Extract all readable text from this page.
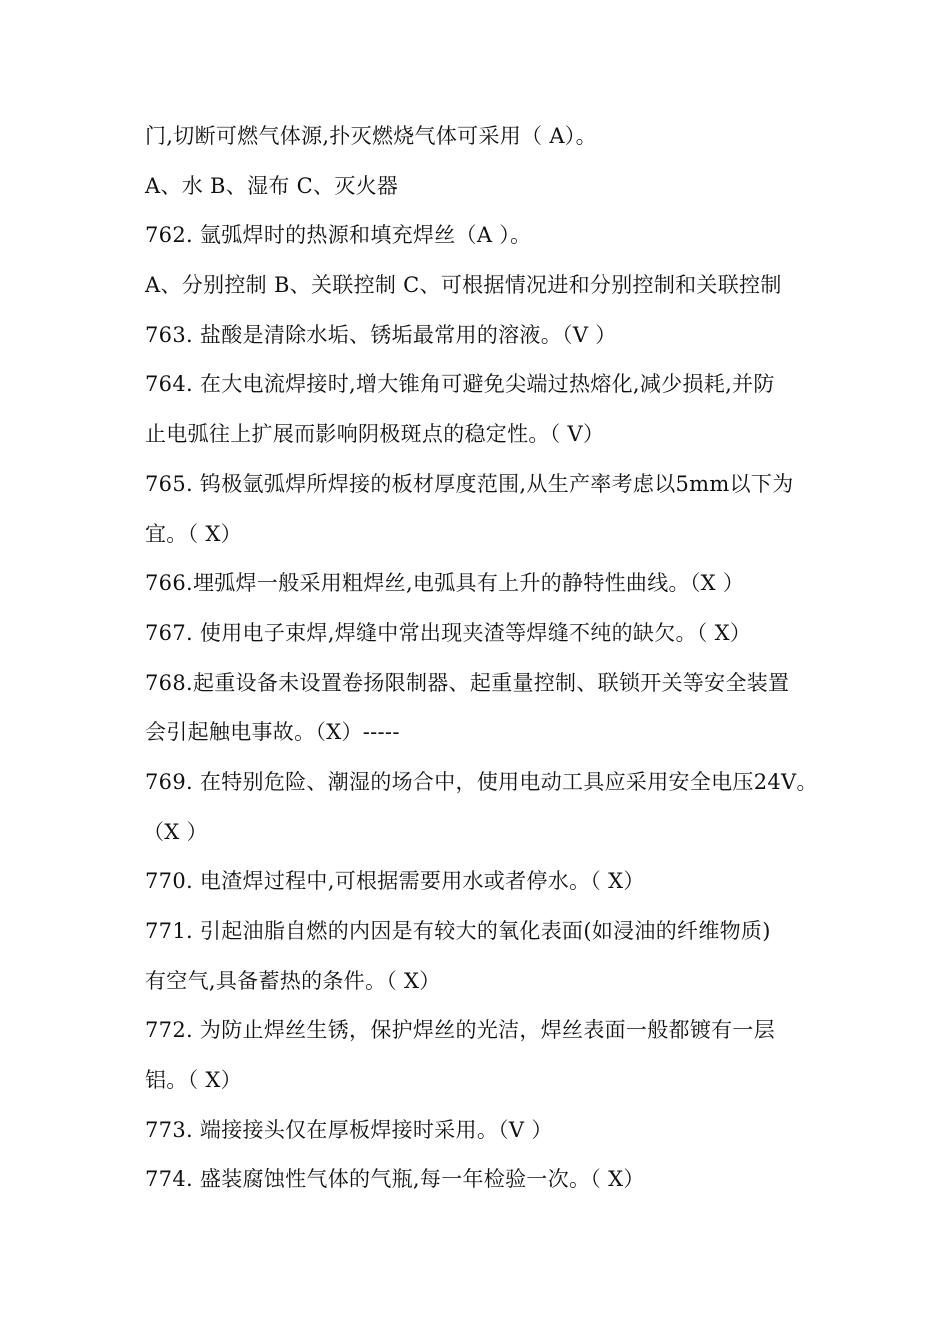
门,切断可燃气体源,扑灭燃烧气体可采用（ A）。
A、水 B、湿布 C、灭火器
762. 氩弧焊时的热源和填充焊丝（A ）。
A、分别控制 B、关联控制 C、可根据情况进和分别控制和关联控制
763. 盐酸是清除水垢、锈垢最常用的溶液。（V ）
764. 在大电流焊接时,增大锥角可避免尖端过热熔化,减少损耗,并防
止电弧往上扩展而影响阴极斑点的稳定性。（ V）
765. 钨极氩弧焊所焊接的板材厚度范围,从生产率考虑以5mm以下为
宜。（ X）
766.埋弧焊一般采用粗焊丝,电弧具有上升的静特性曲线。（X ）
767. 使用电子束焊,焊缝中常出现夹渣等焊缝不纯的缺欠。（ X）
768.起重设备未设置卷扬限制器、起重量控制、联锁开关等安全装置
会引起触电事故。（X）-----
769. 在特别危险、潮湿的场合中，使用电动工具应采用安全电压24V。
（X ）
770. 电渣焊过程中,可根据需要用水或者停水。（ X）
771. 引起油脂自燃的内因是有较大的氧化表面(如浸油的纤维物质)
有空气,具备蓄热的条件。（ X）
772. 为防止焊丝生锈，保护焊丝的光洁，焊丝表面一般都镀有一层
铝。（ X）
773. 端接接头仅在厚板焊接时采用。（V ）
774. 盛装腐蚀性气体的气瓶,每一年检验一次。（ X）
